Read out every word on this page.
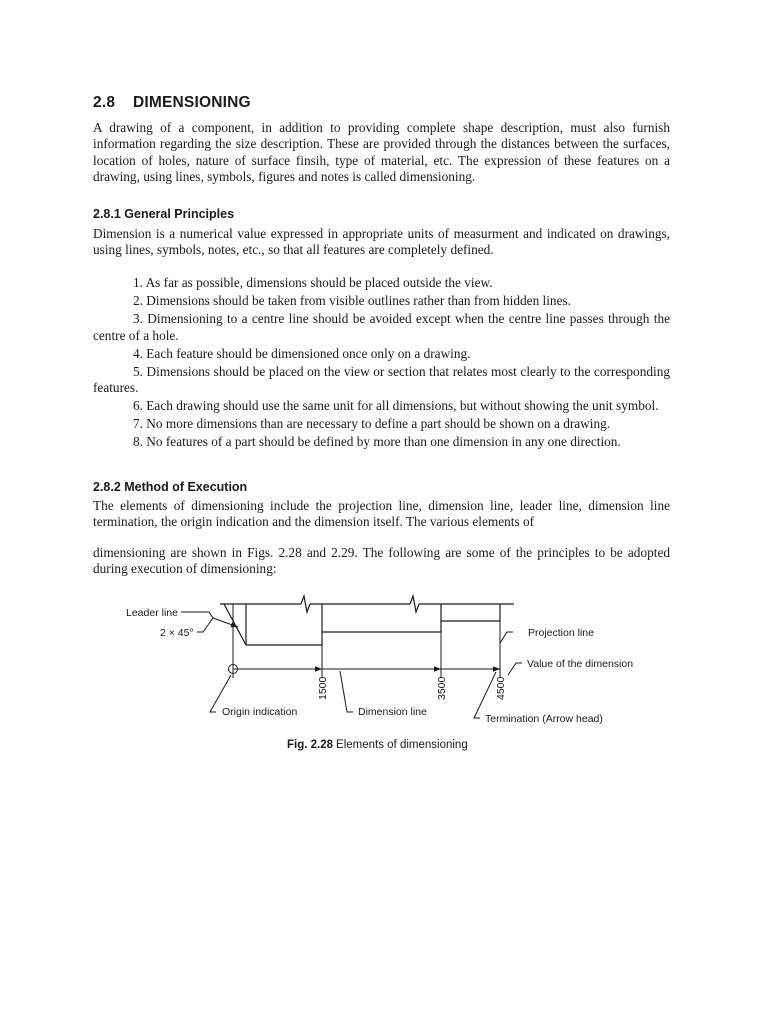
2.8 DIMENSIONING

A drawing of a component, in addition to providing complete shape description, must also furnish information regarding the size description. These are provided through the distances between the surfaces, location of holes, nature of surface finsih, type of material, etc. The expression of these features on a drawing, using lines, symbols, figures and notes is called dimensioning.

2.8.1 General Principles

Dimension is a numerical value expressed in appropriate units of measurment and indicated on drawings, using lines, symbols, notes, etc., so that all features are completely defined.

1. As far as possible, dimensions should be placed outside the view.
2. Dimensions should be taken from visible outlines rather than from hidden lines.
3. Dimensioning to a centre line should be avoided except when the centre line passes through the centre of a hole.
4. Each feature should be dimensioned once only on a drawing.
5. Dimensions should be placed on the view or section that relates most clearly to the corresponding features.
6. Each drawing should use the same unit for all dimensions, but without showing the unit symbol.
7. No more dimensions than are necessary to define a part should be shown on a drawing.
8. No features of a part should be defined by more than one dimension in any one direction.
2.8.2 Method of Execution

The elements of dimensioning include the projection line, dimension line, leader line, dimension line termination, the origin indication and the dimension itself. The various elements of

dimensioning are shown in Figs. 2.28 and 2.29. The following are some of the principles to be adopted during execution of dimensioning:

1500	3500	4500
Leader line
2 × 45°	Projection line
Value of the dimension
Origin indication	Dimension line
Termination (Arrow head)
Fig. 2.28 Elements of dimensioning
